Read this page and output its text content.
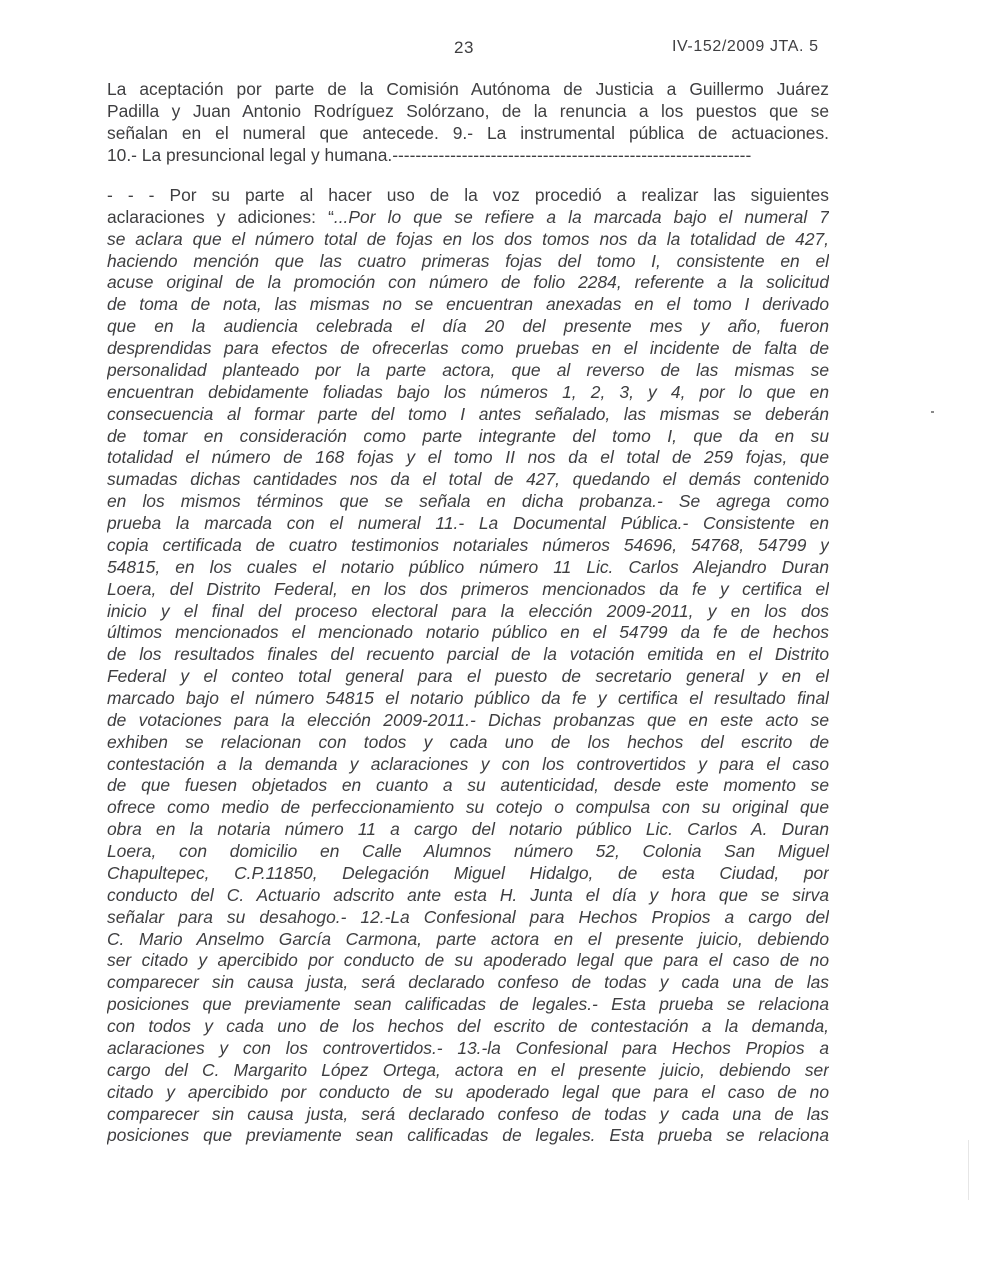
23	IV-152/2009 JTA. 5
La aceptación por parte de la Comisión Autónoma de Justicia a Guillermo Juárez
Padilla y Juan Antonio Rodríguez Solórzano, de la renuncia a los puestos que se
señalan en el numeral que antecede. 9.- La instrumental pública de actuaciones.
10.- La presuncional legal y humana.--------------------------------------------------------------
- - - Por su parte al hacer uso de la voz procedió a realizar las siguientes
aclaraciones y adiciones: “...Por lo que se refiere a la marcada bajo el numeral 7
se aclara que el número total de fojas en los dos tomos nos da la totalidad de 427,
haciendo mención que las cuatro primeras fojas del tomo I, consistente en el
acuse original de la promoción con número de folio 2284, referente a la solicitud
de toma de nota, las mismas no se encuentran anexadas en el tomo I derivado
que en la audiencia celebrada el día 20 del presente mes y año, fueron
desprendidas para efectos de ofrecerlas como pruebas en el incidente de falta de
personalidad planteado por la parte actora, que al reverso de las mismas se
encuentran debidamente foliadas bajo los números 1, 2, 3, y 4, por lo que en
consecuencia al formar parte del tomo I antes señalado, las mismas se deberán
de tomar en consideración como parte integrante del tomo I, que da en su
totalidad el número de 168 fojas y el tomo II nos da el total de 259 fojas, que
sumadas dichas cantidades nos da el total de 427, quedando el demás contenido
en los mismos términos que se señala en dicha probanza.- Se agrega como
prueba la marcada con el numeral 11.- La Documental Pública.- Consistente en
copia certificada de cuatro testimonios notariales números 54696, 54768, 54799 y
54815, en los cuales el notario público número 11 Lic. Carlos Alejandro Duran
Loera, del Distrito Federal, en los dos primeros mencionados da fe y certifica el
inicio y el final del proceso electoral para la elección 2009-2011, y en los dos
últimos mencionados el mencionado notario público en el 54799 da fe de hechos
de los resultados finales del recuento parcial de la votación emitida en el Distrito
Federal y el conteo total general para el puesto de secretario general y en el
marcado bajo el número 54815 el notario público da fe y certifica el resultado final
de votaciones para la elección 2009-2011.- Dichas probanzas que en este acto se
exhiben se relacionan con todos y cada uno de los hechos del escrito de
contestación a la demanda y aclaraciones y con los controvertidos y para el caso
de que fuesen objetados en cuanto a su autenticidad, desde este momento se
ofrece como medio de perfeccionamiento su cotejo o compulsa con su original que
obra en la notaria número 11 a cargo del notario público Lic. Carlos A. Duran
Loera, con domicilio en Calle Alumnos número 52, Colonia San Miguel
Chapultepec, C.P.11850, Delegación Miguel Hidalgo, de esta Ciudad, por
conducto del C. Actuario adscrito ante esta H. Junta el día y hora que se sirva
señalar para su desahogo.- 12.-La Confesional para Hechos Propios a cargo del
C. Mario Anselmo García Carmona, parte actora en el presente juicio, debiendo
ser citado y apercibido por conducto de su apoderado legal que para el caso de no
comparecer sin causa justa, será declarado confeso de todas y cada una de las
posiciones que previamente sean calificadas de legales.- Esta prueba se relaciona
con todos y cada uno de los hechos del escrito de contestación a la demanda,
aclaraciones y con los controvertidos.- 13.-la Confesional para Hechos Propios a
cargo del C. Margarito López Ortega, actora en el presente juicio, debiendo ser
citado y apercibido por conducto de su apoderado legal que para el caso de no
comparecer sin causa justa, será declarado confeso de todas y cada una de las
posiciones que previamente sean calificadas de legales. Esta prueba se relaciona
